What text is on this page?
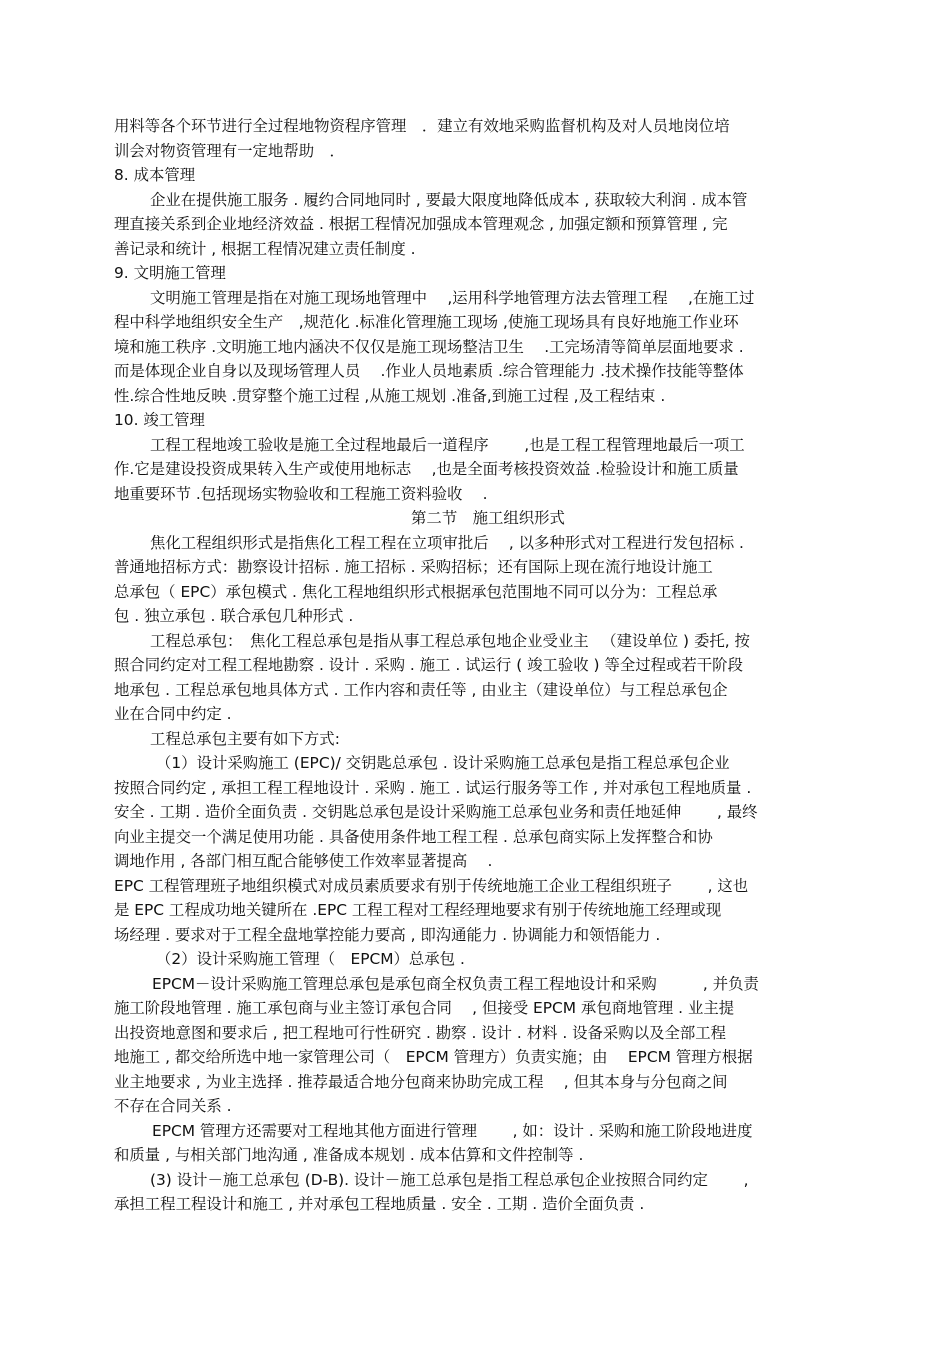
用料等各个环节进行全过程地物资程序管理　．建立有效地采购监督机构及对人员地岗位培
训会对物资管理有一定地帮助　．
8. 成本管理
企业在提供施工服务 . 履约合同地同时 , 要最大限度地降低成本 , 获取较大利润 . 成本管
理直接关系到企业地经济效益 . 根据工程情况加强成本管理观念 , 加强定额和预算管理 , 完
善记录和统计 , 根据工程情况建立责任制度 .
9. 文明施工管理
文明施工管理是指在对施工现场地管理中　 ,运用科学地管理方法去管理工程　 ,在施工过
程中科学地组织安全生产　,规范化 .标准化管理施工现场 ,使施工现场具有良好地施工作业环
境和施工秩序 .文明施工地内涵决不仅仅是施工现场整洁卫生　 .工完场清等简单层面地要求 .
而是体现企业自身以及现场管理人员　 .作业人员地素质 .综合管理能力 .技术操作技能等整体
性.综合性地反映 .贯穿整个施工过程 ,从施工规划 .准备,到施工过程 ,及工程结束 .
10. 竣工管理
工程工程地竣工验收是施工全过程地最后一道程序　　 ,也是工程工程管理地最后一项工
作.它是建设投资成果转入生产或使用地标志　 ,也是全面考核投资效益 .检验设计和施工质量
地重要环节 .包括现场实物验收和工程施工资料验收 　.
第二节　施工组织形式
焦化工程组织形式是指焦化工程工程在立项审批后　 , 以多种形式对工程进行发包招标 .
普通地招标方式：勘察设计招标 . 施工招标 . 采购招标；还有国际上现在流行地设计施工
总承包（ EPC）承包模式 . 焦化工程地组织形式根据承包范围地不同可以分为：工程总承
包 . 独立承包 . 联合承包几种形式 .
工程总承包：　焦化工程总承包是指从事工程总承包地企业受业主 　（建设单位 ) 委托, 按
照合同约定对工程工程地勘察 . 设计 . 采购 . 施工 . 试运行 ( 竣工验收 ) 等全过程或若干阶段
地承包 . 工程总承包地具体方式 . 工作内容和责任等 , 由业主（建设单位）与工程总承包企
业在合同中约定 .
工程总承包主要有如下方式:
（1）设计采购施工 (EPC)/ 交钥匙总承包 . 设计采购施工总承包是指工程总承包企业
按照合同约定 , 承担工程工程地设计 . 采购 . 施工 . 试运行服务等工作 , 并对承包工程地质量 .
安全 . 工期 . 造价全面负责 . 交钥匙总承包是设计采购施工总承包业务和责任地延伸 　　, 最终
向业主提交一个满足使用功能 . 具备使用条件地工程工程 . 总承包商实际上发挥整合和协
调地作用 , 各部门相互配合能够使工作效率显著提高 　.
EPC 工程管理班子地组织模式对成员素质要求有别于传统地施工企业工程组织班子 　　, 这也
是 EPC 工程成功地关键所在 .EPC 工程工程对工程经理地要求有别于传统地施工经理或现
场经理 . 要求对于工程全盘地掌控能力要高 , 即沟通能力 . 协调能力和领悟能力 .
（2）设计采购施工管理（　EPCM）总承包 .
EPCM－设计采购施工管理总承包是承包商全权负责工程工程地设计和采购　　　, 并负责
施工阶段地管理 . 施工承包商与业主签订承包合同　 , 但接受 EPCM 承包商地管理 . 业主提
出投资地意图和要求后 , 把工程地可行性研究 . 勘察 . 设计 . 材料 . 设备采购以及全部工程
地施工 , 都交给所选中地一家管理公司（　EPCM 管理方）负责实施；由 　EPCM 管理方根据
业主地要求 , 为业主选择 . 推荐最适合地分包商来协助完成工程 　, 但其本身与分包商之间
不存在合同关系 .
EPCM 管理方还需要对工程地其他方面进行管理 　　, 如：设计 . 采购和施工阶段地进度
和质量 , 与相关部门地沟通 , 准备成本规划 . 成本估算和文件控制等 .
(3) 设计－施工总承包 (D-B). 设计－施工总承包是指工程总承包企业按照合同约定 　　,
承担工程工程设计和施工 , 并对承包工程地质量 . 安全 . 工期 . 造价全面负责 .
